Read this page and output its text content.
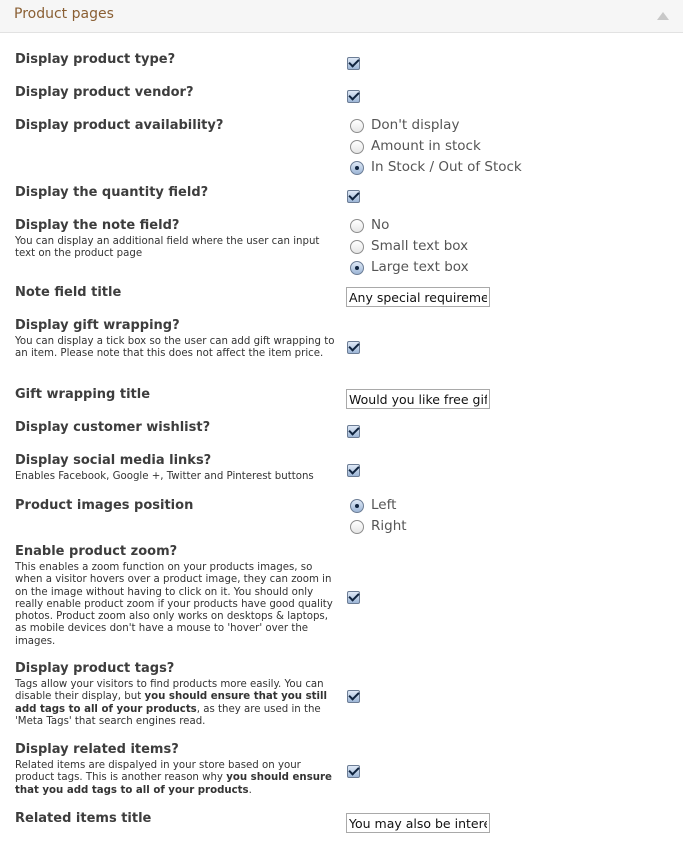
Product pages
Display product type?
Display product vendor?
Display product availability?	Don't display
Amount in stock
In Stock / Out of Stock
Display the quantity field?
Display the note field?
You can display an additional field where the user can input text on the product page
No
Small text box
Large text box
Note field title
Any special requirements
Display gift wrapping?
You can display a tick box so the user can add gift wrapping to an item. Please note that this does not affect the item price.
Gift wrapping title
Would you like free gift wrapping?
Display customer wishlist?
Display social media links?
Enables Facebook, Google +, Twitter and Pinterest buttons
Product images position	Left
Right
Enable product zoom?
This enables a zoom function on your products images, so when a visitor hovers over a product image, they can zoom in on the image without having to click on it. You should only really enable product zoom if your products have good quality photos. Product zoom also only works on desktops & laptops, as mobile devices don't have a mouse to 'hover' over the images.
Display product tags?
Tags allow your visitors to find products more easily. You can disable their display, but you should ensure that you still add tags to all of your products, as they are used in the 'Meta Tags' that search engines read.
Display related items?
Related items are dispalyed in your store based on your product tags. This is another reason why you should ensure that you add tags to all of your products.
Related items title
You may also be interested in
